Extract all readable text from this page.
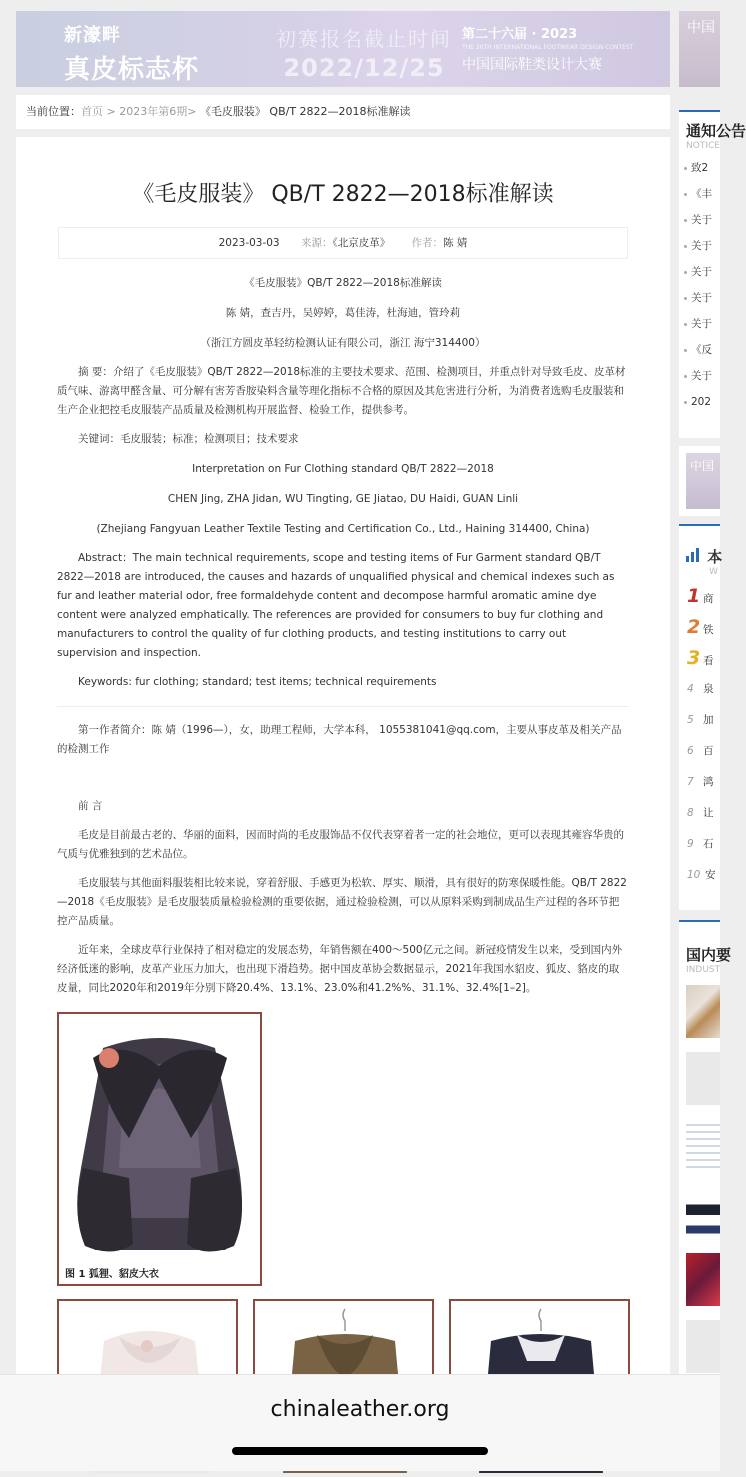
新濠畔
真皮标志杯
初赛报名截止时间
2022/12/25
第二十六届 · 2023
THE 26TH INTERNATIONAL FOOTWEAR DESIGN CONTEST
中国国际鞋类设计大赛
中国
当前位置：首页 > 2023年第6期> 《毛皮服装》 QB/T 2822—2018标准解读
《毛皮服装》 QB/T 2822—2018标准解读
2023-03-03 来源：《北京皮革》 作者：陈 婧

《毛皮服装》QB/T 2822—2018标准解读

陈 婧，查吉丹，吴婷婷，葛佳涛，杜海迪，管玲莉

（浙江方圆皮革轻纺检测认证有限公司，浙江 海宁314400）

摘 要：介绍了《毛皮服装》QB/T 2822—2018标准的主要技术要求、范围、检测项目，并重点针对导致毛皮、皮革材质气味、游离甲醛含量、可分解有害芳香胺染料含量等理化指标不合格的原因及其危害进行分析，为消费者选购毛皮服装和生产企业把控毛皮服装产品质量及检测机构开展监督、检验工作，提供参考。

关键词：毛皮服装；标准；检测项目；技术要求

Interpretation on Fur Clothing standard QB/T 2822—2018

CHEN Jing, ZHA Jidan, WU Tingting, GE Jiatao, DU Haidi, GUAN Linli

(Zhejiang Fangyuan Leather Textile Testing and Certification Co., Ltd., Haining 314400, China)

Abstract：The main technical requirements, scope and testing items of Fur Garment standard QB/T 2822—2018 are introduced, the causes and hazards of unqualified physical and chemical indexes such as fur and leather material odor, free formaldehyde content and decompose harmful aromatic amine dye content were analyzed emphatically. The references are provided for consumers to buy fur clothing and manufacturers to control the quality of fur clothing products, and testing institutions to carry out supervision and inspection.

Keywords: fur clothing; standard; test items; technical requirements

第一作者简介：陈 婧（1996—），女，助理工程师，大学本科， 1055381041@qq.com，主要从事皮革及相关产品的检测工作

前 言

毛皮是目前最古老的、华丽的面料，因而时尚的毛皮服饰品不仅代表穿着者一定的社会地位，更可以表现其雍容华贵的气质与优雅独到的艺术品位。

毛皮服装与其他面料服装相比较来说，穿着舒服、手感更为松软、厚实、顺滑，具有很好的防寒保暖性能。QB/T 2822—2018《毛皮服装》是毛皮服装质量检验检测的重要依据，通过检验检测，可以从原料采购到制成品生产过程的各环节把控产品质量。

近年来，全球皮草行业保持了相对稳定的发展态势，年销售额在400～500亿元之间。新冠疫情发生以来，受到国内外经济低迷的影响，皮革产业压力加大，也出现下滑趋势。据中国皮革协会数据显示，2021年我国水貂皮、狐皮、貉皮的取皮量，同比2020年和2019年分别下降20.4%、13.1%、23.0%和41.2%%、31.1%、32.4%[1–2]。

图 1 狐狸、貂皮大衣
通知公告
NOTICE
致2
《丰
关于
关于
关于
关于
关于
《反
关于
202
中国
本
W
1 商
2 铁
3 看
4 泉
5 加
6 百
7 鸿
8 让
9 石
10 安
国内要
INDUST
chinaleather.org
